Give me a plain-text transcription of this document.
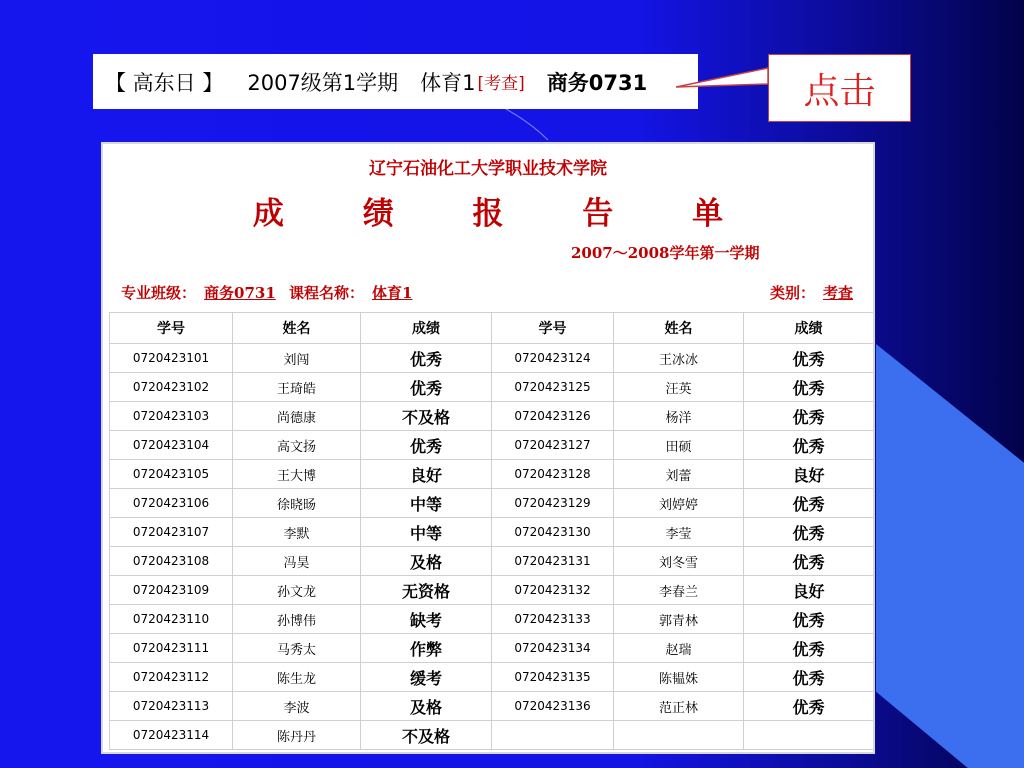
【 高东日 】 2007级第1学期 体育1 [考查] 商务0731	点击
辽宁石油化工大学职业技术学院
成 绩 报 告 单
2007～2008学年第一学期
专业班级： 商务0731 课程名称： 体育1	类别： 考查
学号	姓名	成绩	学号	姓名	成绩
0720423101	刘闯	优秀	0720423124	王冰冰	优秀
0720423102	王琦皓	优秀	0720423125	汪英	优秀
0720423103	尚德康	不及格	0720423126	杨洋	优秀
0720423104	高文扬	优秀	0720423127	田硕	优秀
0720423105	王大博	良好	0720423128	刘蕾	良好
0720423106	徐晓旸	中等	0720423129	刘婷婷	优秀
0720423107	李默	中等	0720423130	李莹	优秀
0720423108	冯昊	及格	0720423131	刘冬雪	优秀
0720423109	孙文龙	无资格	0720423132	李春兰	良好
0720423110	孙博伟	缺考	0720423133	郭青林	优秀
0720423111	马秀太	作弊	0720423134	赵瑞	优秀
0720423112	陈生龙	缓考	0720423135	陈韫姝	优秀
0720423113	李波	及格	0720423136	范正林	优秀
0720423114	陈丹丹	不及格			
